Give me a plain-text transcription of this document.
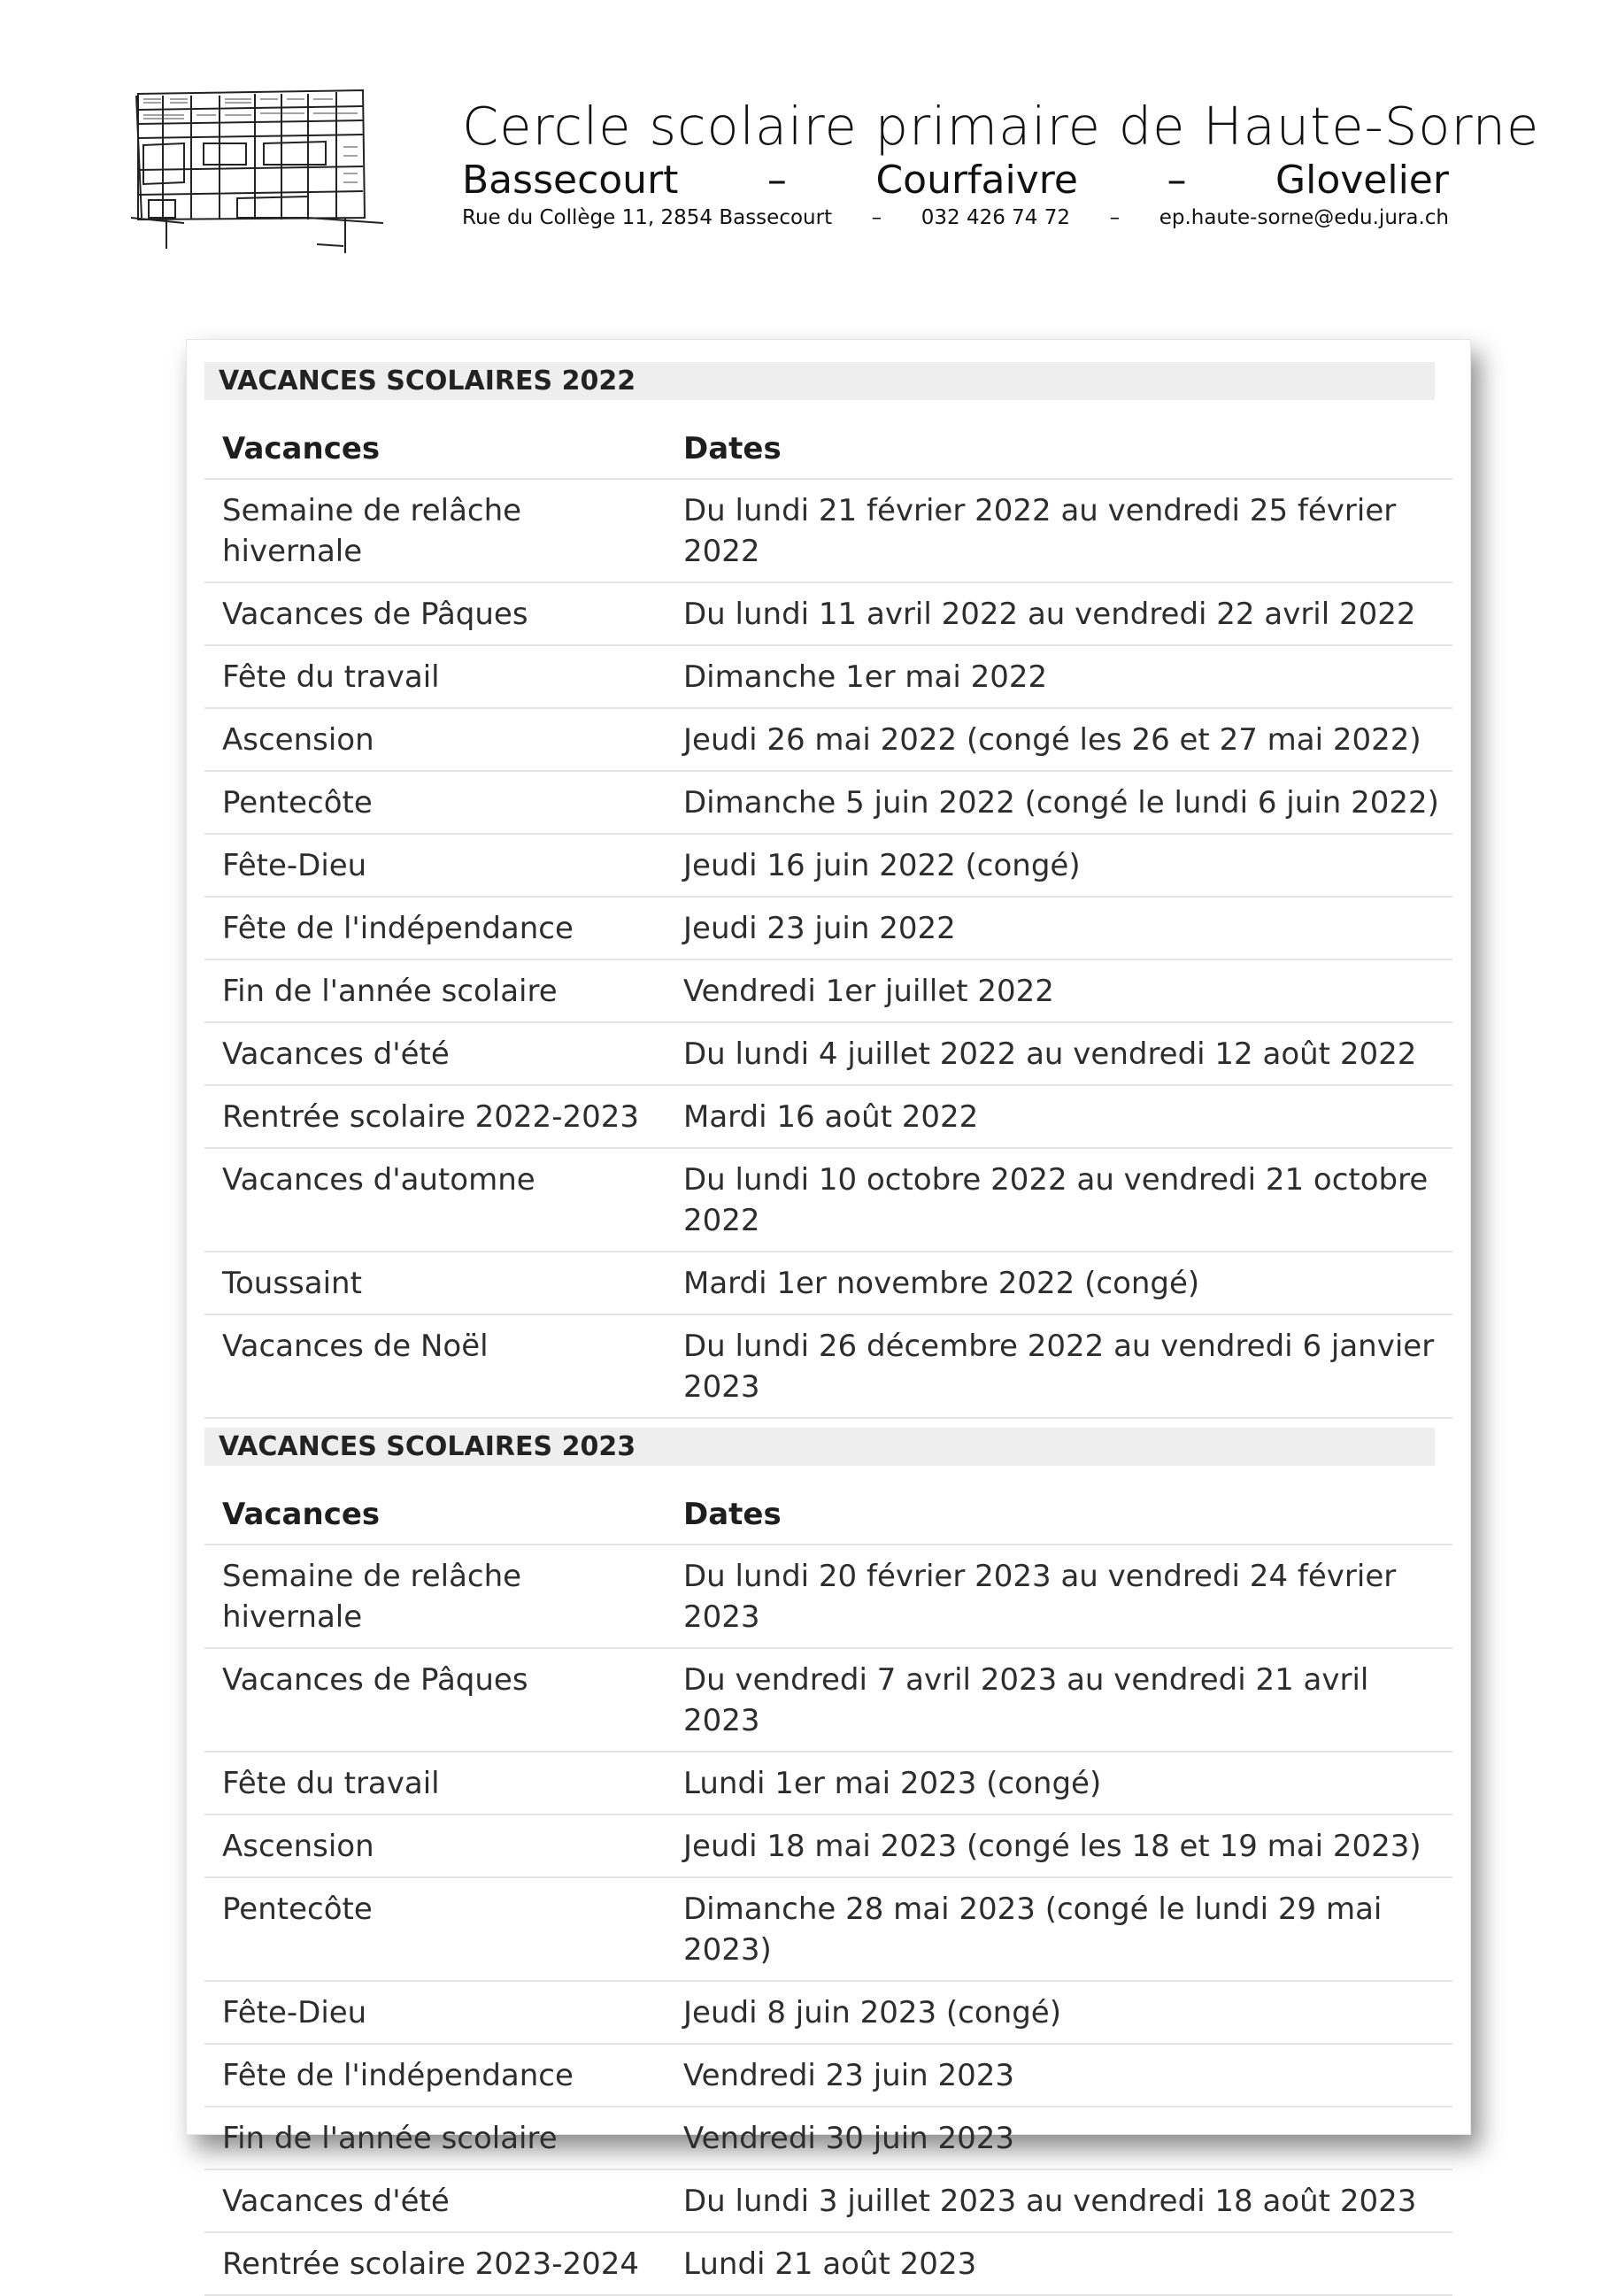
Cercle scolaire primaire de Haute-Sorne
Bassecourt – Courfaivre – Glovelier
Rue du Collège 11, 2854 Bassecourt – 032 426 74 72 – ep.haute-sorne@edu.jura.ch
VACANCES SCOLAIRES 2022
Vacances	Dates
Semaine de relâche hivernale	Du lundi 21 février 2022 au vendredi 25 février 2022
Vacances de Pâques	Du lundi 11 avril 2022 au vendredi 22 avril 2022
Fête du travail	Dimanche 1er mai 2022
Ascension	Jeudi 26 mai 2022 (congé les 26 et 27 mai 2022)
Pentecôte	Dimanche 5 juin 2022 (congé le lundi 6 juin 2022)
Fête-Dieu	Jeudi 16 juin 2022 (congé)
Fête de l'indépendance	Jeudi 23 juin 2022
Fin de l'année scolaire	Vendredi 1er juillet 2022
Vacances d'été	Du lundi 4 juillet 2022 au vendredi 12 août 2022
Rentrée scolaire 2022-2023	Mardi 16 août 2022
Vacances d'automne	Du lundi 10 octobre 2022 au vendredi 21 octobre 2022
Toussaint	Mardi 1er novembre 2022 (congé)
Vacances de Noël	Du lundi 26 décembre 2022 au vendredi 6 janvier 2023
VACANCES SCOLAIRES 2023
Vacances	Dates
Semaine de relâche hivernale	Du lundi 20 février 2023 au vendredi 24 février 2023
Vacances de Pâques	Du vendredi 7 avril 2023 au vendredi 21 avril 2023
Fête du travail	Lundi 1er mai 2023 (congé)
Ascension	Jeudi 18 mai 2023 (congé les 18 et 19 mai 2023)
Pentecôte	Dimanche 28 mai 2023 (congé le lundi 29 mai 2023)
Fête-Dieu	Jeudi 8 juin 2023 (congé)
Fête de l'indépendance	Vendredi 23 juin 2023
Fin de l'année scolaire	Vendredi 30 juin 2023
Vacances d'été	Du lundi 3 juillet 2023 au vendredi 18 août 2023
Rentrée scolaire 2023-2024	Lundi 21 août 2023
